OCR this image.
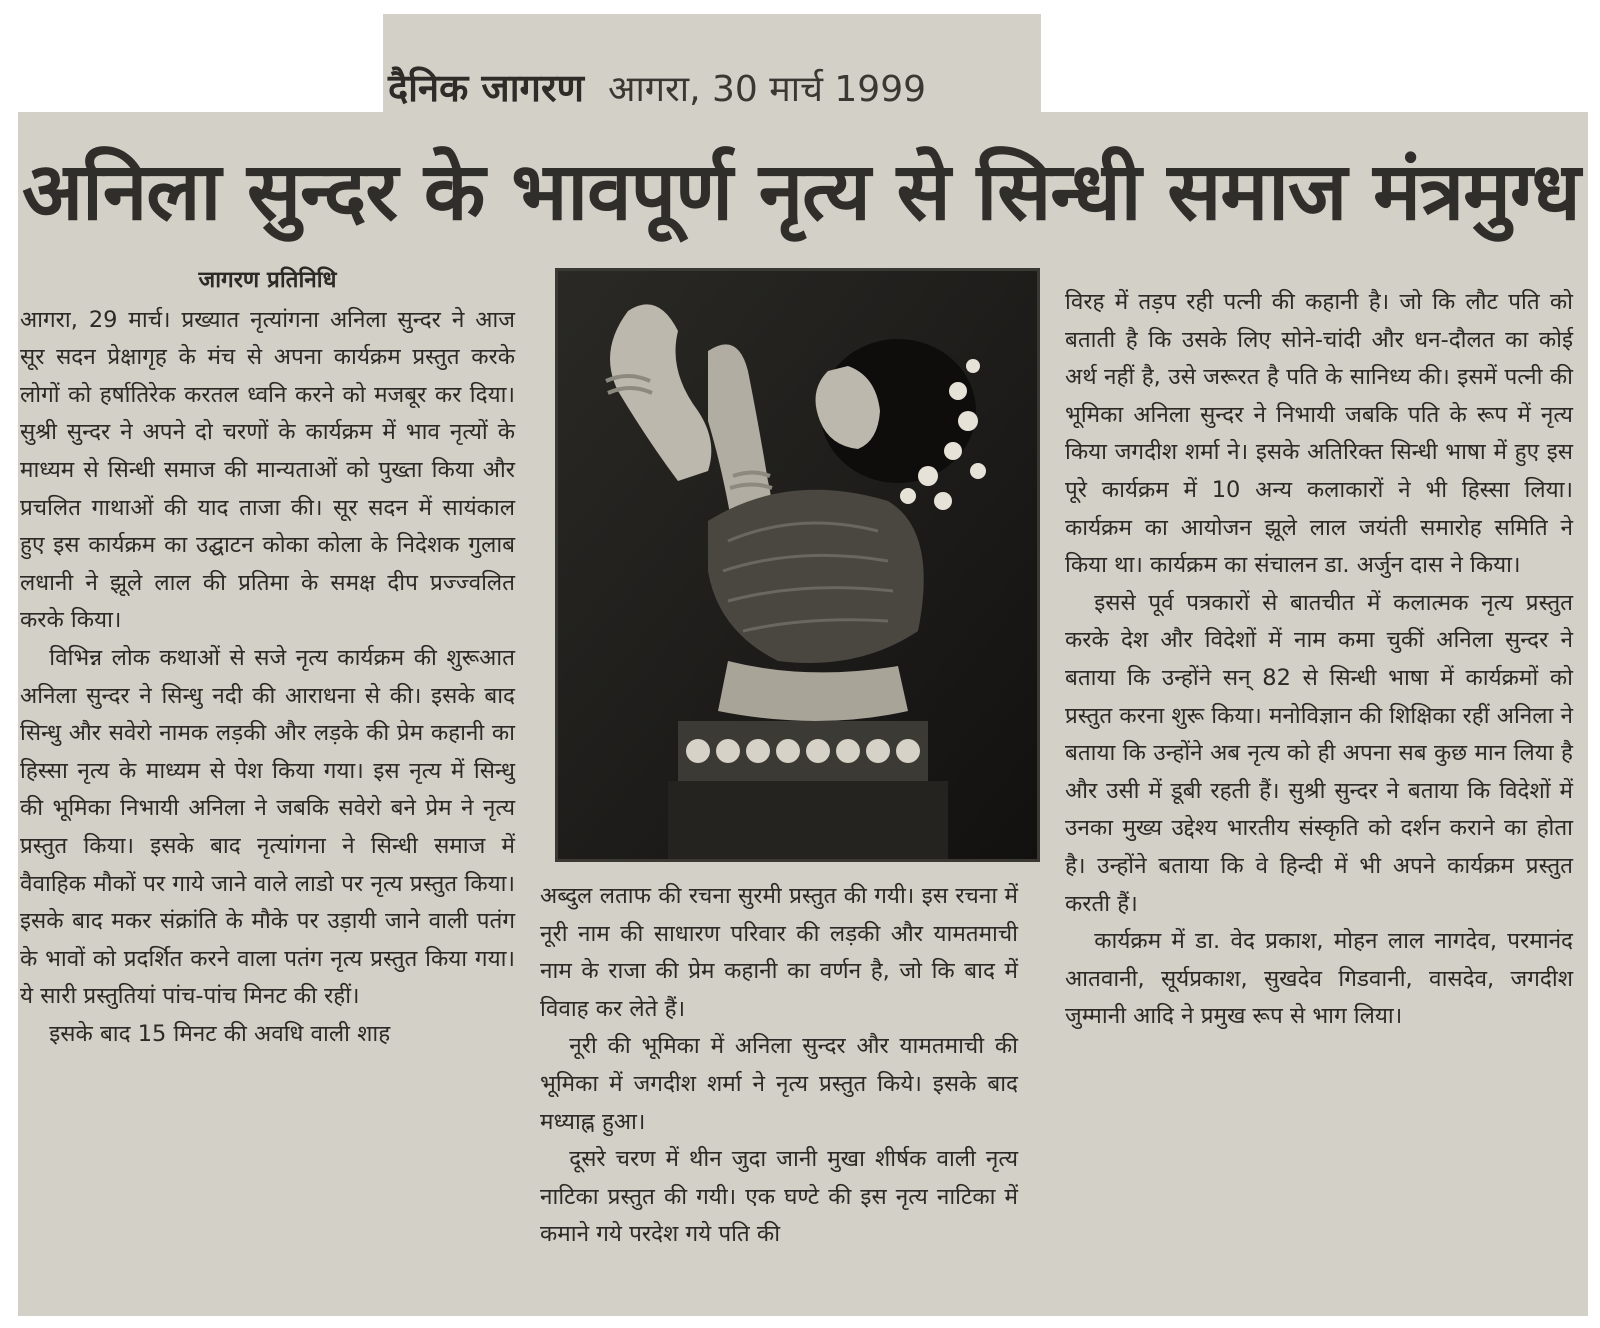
दैनिक जागरण आगरा, 30 मार्च 1999
अनिला सुन्दर के भावपूर्ण नृत्य से सिन्धी समाज मंत्रमुग्ध
जागरण प्रतिनिधि

आगरा, 29 मार्च। प्रख्यात नृत्यांगना अनिला सुन्दर ने आज सूर सदन प्रेक्षागृह के मंच से अपना कार्यक्रम प्रस्तुत करके लोगों को हर्षातिरेक करतल ध्वनि करने को मजबूर कर दिया। सुश्री सुन्दर ने अपने दो चरणों के कार्यक्रम में भाव नृत्यों के माध्यम से सिन्धी समाज की मान्यताओं को पुख्ता किया और प्रचलित गाथाओं की याद ताजा की। सूर सदन में सायंकाल हुए इस कार्यक्रम का उद्घाटन कोका कोला के निदेशक गुलाब लधानी ने झूले लाल की प्रतिमा के समक्ष दीप प्रज्ज्वलित करके किया।

विभिन्न लोक कथाओं से सजे नृत्य कार्यक्रम की शुरूआत अनिला सुन्दर ने सिन्धु नदी की आराधना से की। इसके बाद सिन्धु और सवेरो नामक लड़की और लड़के की प्रेम कहानी का हिस्सा नृत्य के माध्यम से पेश किया गया। इस नृत्य में सिन्धु की भूमिका निभायी अनिला ने जबकि सवेरो बने प्रेम ने नृत्य प्रस्तुत किया। इसके बाद नृत्यांगना ने सिन्धी समाज में वैवाहिक मौकों पर गाये जाने वाले लाडो पर नृत्य प्रस्तुत किया। इसके बाद मकर संक्रांति के मौके पर उड़ायी जाने वाली पतंग के भावों को प्रदर्शित करने वाला पतंग नृत्य प्रस्तुत किया गया। ये सारी प्रस्तुतियां पांच-पांच मिनट की रहीं।

इसके बाद 15 मिनट की अवधि वाली शाह

अब्दुल लताफ की रचना सुरमी प्रस्तुत की गयी। इस रचना में नूरी नाम की साधारण परिवार की लड़की और यामतमाची नाम के राजा की प्रेम कहानी का वर्णन है, जो कि बाद में विवाह कर लेते हैं।

नूरी की भूमिका में अनिला सुन्दर और यामतमाची की भूमिका में जगदीश शर्मा ने नृत्य प्रस्तुत किये। इसके बाद मध्याह्न हुआ।

दूसरे चरण में थीन जुदा जानी मुखा शीर्षक वाली नृत्य नाटिका प्रस्तुत की गयी। एक घण्टे की इस नृत्य नाटिका में कमाने गये परदेश गये पति की

विरह में तड़प रही पत्नी की कहानी है। जो कि लौट पति को बताती है कि उसके लिए सोने-चांदी और धन-दौलत का कोई अर्थ नहीं है, उसे जरूरत है पति के सानिध्य की। इसमें पत्नी की भूमिका अनिला सुन्दर ने निभायी जबकि पति के रूप में नृत्य किया जगदीश शर्मा ने। इसके अतिरिक्त सिन्धी भाषा में हुए इस पूरे कार्यक्रम में 10 अन्य कलाकारों ने भी हिस्सा लिया। कार्यक्रम का आयोजन झूले लाल जयंती समारोह समिति ने किया था। कार्यक्रम का संचालन डा. अर्जुन दास ने किया।

इससे पूर्व पत्रकारों से बातचीत में कलात्मक नृत्य प्रस्तुत करके देश और विदेशों में नाम कमा चुकीं अनिला सुन्दर ने बताया कि उन्होंने सन् 82 से सिन्धी भाषा में कार्यक्रमों को प्रस्तुत करना शुरू किया। मनोविज्ञान की शिक्षिका रहीं अनिला ने बताया कि उन्होंने अब नृत्य को ही अपना सब कुछ मान लिया है और उसी में डूबी रहती हैं। सुश्री सुन्दर ने बताया कि विदेशों में उनका मुख्य उद्देश्य भारतीय संस्कृति को दर्शन कराने का होता है। उन्होंने बताया कि वे हिन्दी में भी अपने कार्यक्रम प्रस्तुत करती हैं।

कार्यक्रम में डा. वेद प्रकाश, मोहन लाल नागदेव, परमानंद आतवानी, सूर्यप्रकाश, सुखदेव गिडवानी, वासदेव, जगदीश जुम्मानी आदि ने प्रमुख रूप से भाग लिया।
